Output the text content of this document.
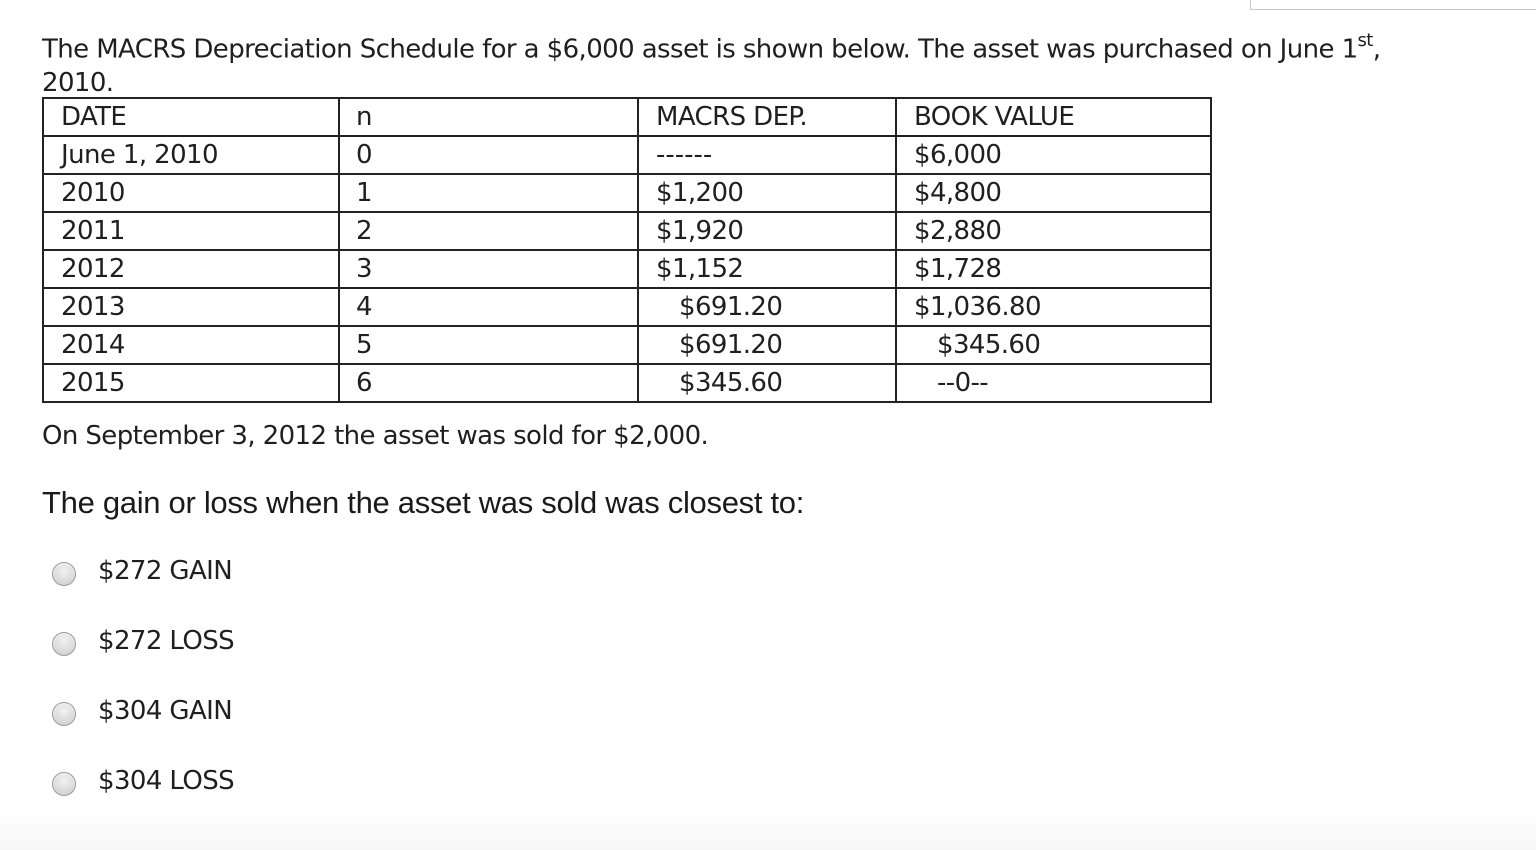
The MACRS Depreciation Schedule for a $6,000 asset is shown below. The asset was purchased on June 1st,
2010.
DATE	n	MACRS DEP.	BOOK VALUE
June 1, 2010	0	------	$6,000
2010	1	$1,200	$4,800
2011	2	$1,920	$2,880
2012	3	$1,152	$1,728
2013	4	$691.20	$1,036.80
2014	5	$691.20	$345.60
2015	6	$345.60	--0--
On September 3, 2012 the asset was sold for $2,000.
The gain or loss when the asset was sold was closest to:
$272 GAIN
$272 LOSS
$304 GAIN
$304 LOSS
